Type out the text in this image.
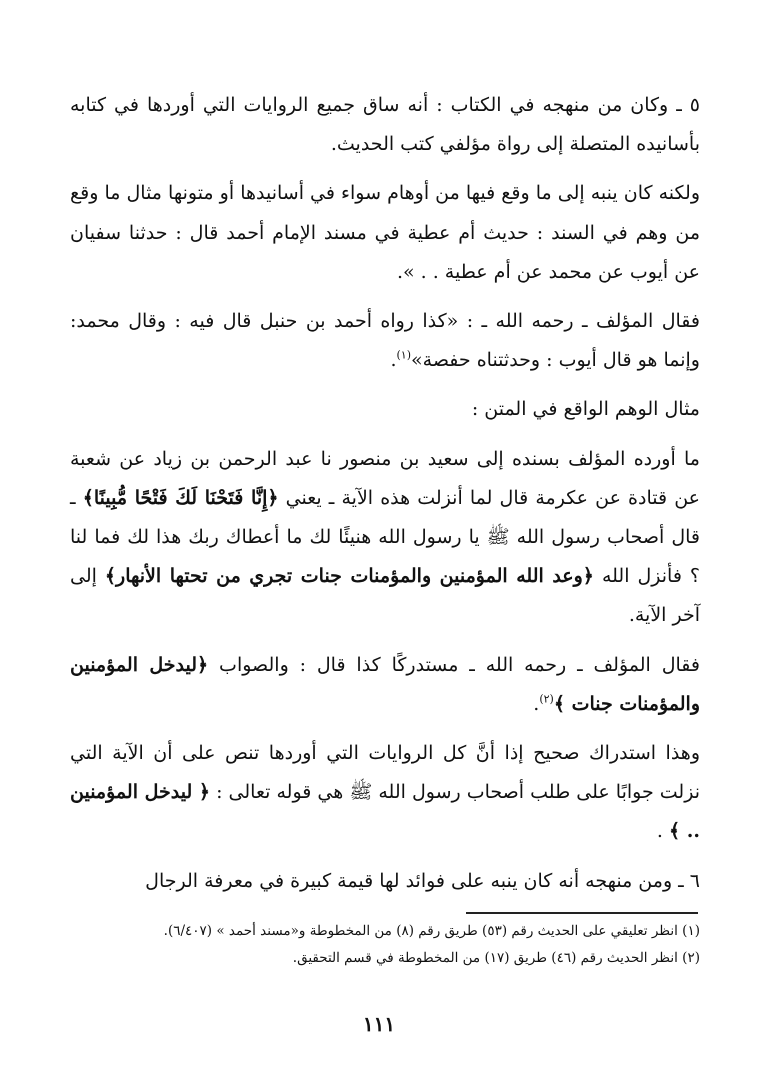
٥ ـ وكان من منهجه في الكتاب : أنه ساق جميع الروايات التي أوردها في كتابه بأسانيده المتصلة إلى رواة مؤلفي كتب الحديث.

ولكنه كان ينبه إلى ما وقع فيها من أوهام سواء في أسانيدها أو متونها مثال ما وقع من وهم في السند : حديث أم عطية في مسند الإمام أحمد قال : حدثنا سفيان عن أيوب عن محمد عن أم عطية . . ».

فقال المؤلف ـ رحمه الله ـ : «كذا رواه أحمد بن حنبل قال فيه : وقال محمد: وإنما هو قال أيوب : وحدثتناه حفصة»$^{(١)}$.

مثال الوهم الواقع في المتن :

ما أورده المؤلف بسنده إلى سعيد بن منصور نا عبد الرحمن بن زياد عن شعبة عن قتادة عن عكرمة قال لما أنزلت هذه الآية ـ يعني ﴿إِنَّا فَتَحْنَا لَكَ فَتْحًا مُّبِينًا﴾ ـ قال أصحاب رسول الله ﷺ يا رسول الله هنيئًا لك ما أعطاك ربك هذا لك فما لنا ؟ فأنزل الله ﴿وعد الله المؤمنين والمؤمنات جنات تجري من تحتها الأنهار﴾ إلى آخر الآية.

فقال المؤلف ـ رحمه الله ـ مستدركًا كذا قال : والصواب ﴿ليدخل المؤمنين والمؤمنات جنات ﴾$^{(٢)}$.

وهذا استدراك صحيح إذا أنَّ كل الروايات التي أوردها تنص على أن الآية التي نزلت جوابًا على طلب أصحاب رسول الله ﷺ هي قوله تعالى : ﴿ ليدخل المؤمنين .. ﴾ .

٦ ـ ومن منهجه أنه كان ينبه على فوائد لها قيمة كبيرة في معرفة الرجال

(١) انظر تعليقي على الحديث رقم (٥٣) طريق رقم (٨) من المخطوطة و«مسند أحمد » (٦/٤٠٧).

(٢) انظر الحديث رقم (٤٦) طريق (١٧) من المخطوطة في قسم التحقيق.

١١١
